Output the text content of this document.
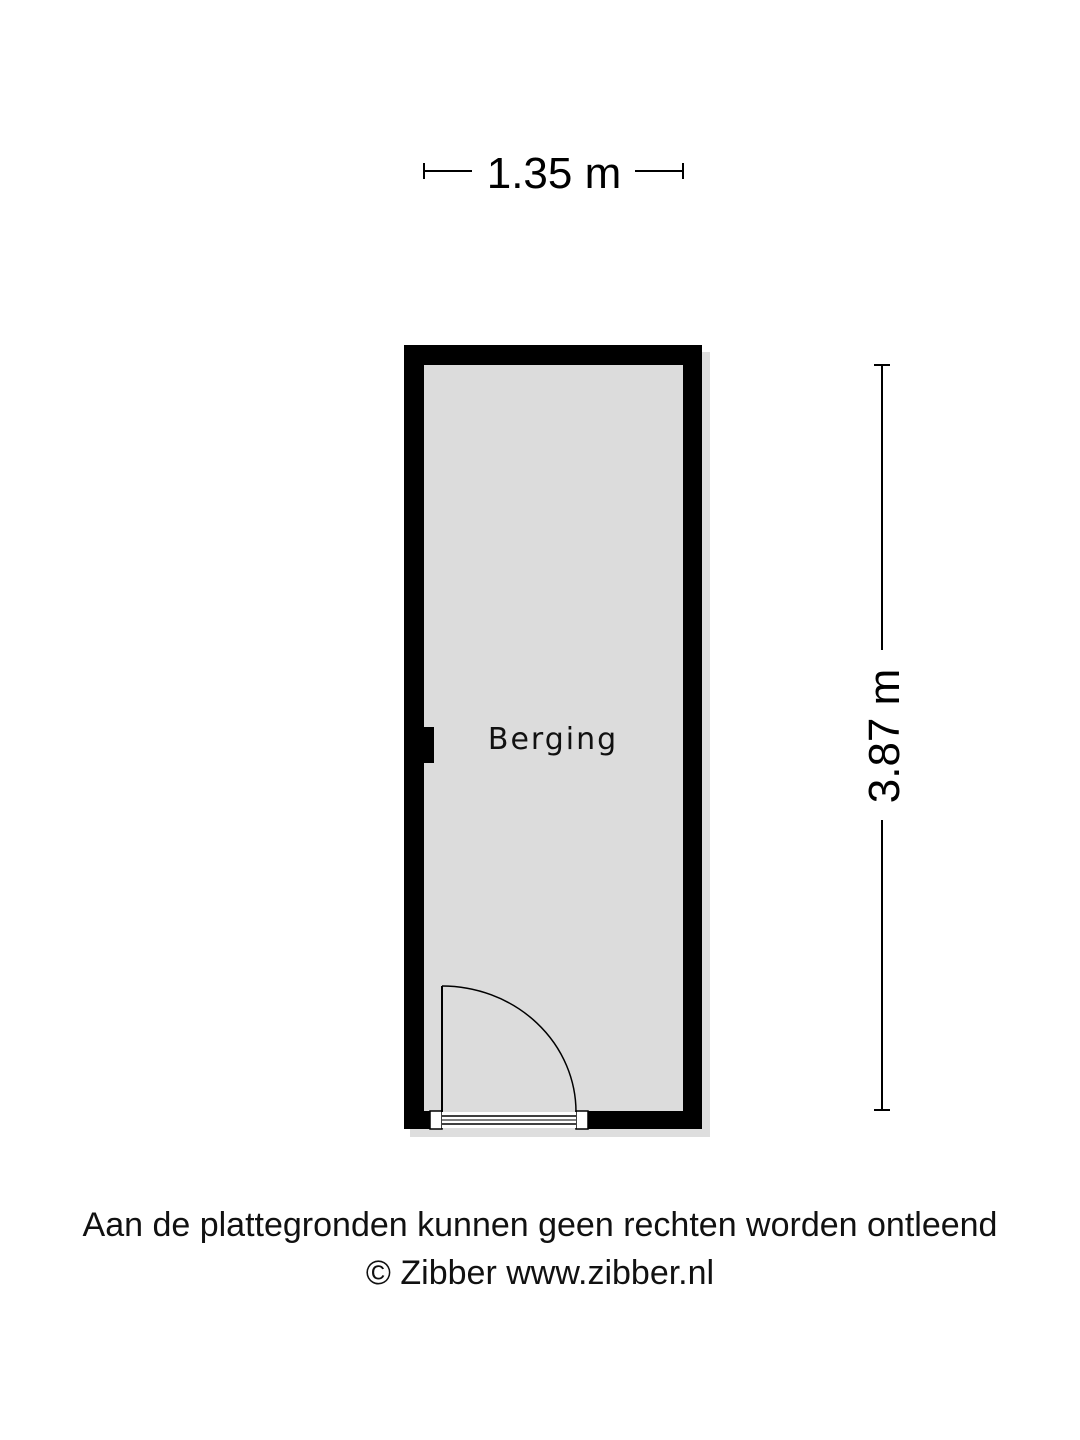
1.35 m
3.87 m
Berging
Aan de plattegronden kunnen geen rechten worden ontleend
© Zibber www.zibber.nl
